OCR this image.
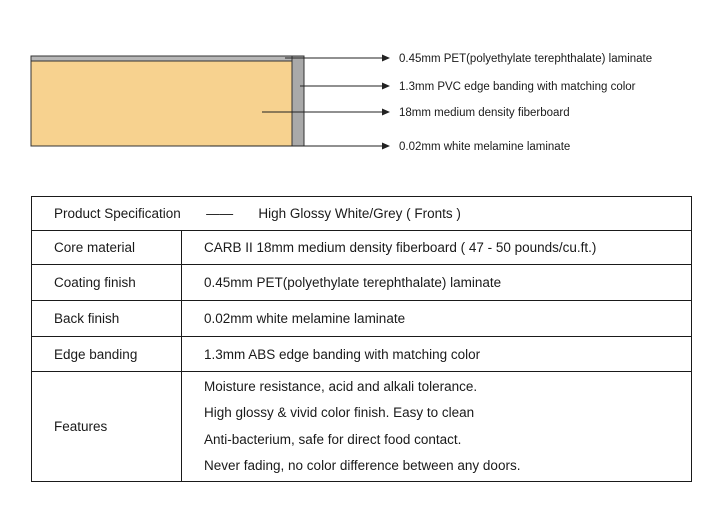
0.45mm PET(polyethylate terephthalate) laminate
1.3mm PVC edge banding with matching color
18mm medium density fiberboard
0.02mm white melamine laminate
Product Specification —— High Glossy White/Grey ( Fronts )	
Core material	CARB II 18mm medium density fiberboard ( 47 - 50 pounds/cu.ft.)
Coating finish	0.45mm PET(polyethylate terephthalate) laminate
Back finish	0.02mm white melamine laminate
Edge banding	1.3mm ABS edge banding with matching color
Features	Moisture resistance, acid and alkali tolerance.
High glossy & vivid color finish. Easy to clean
Anti-bacterium, safe for direct food contact.
Never fading, no color difference between any doors.
